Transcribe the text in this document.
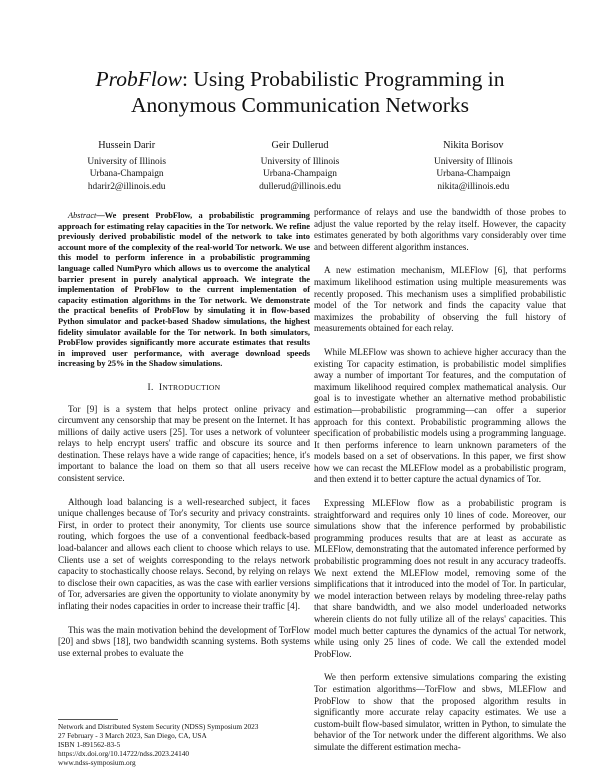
ProbFlow: Using Probabilistic Programming in
Anonymous Communication Networks
Hussein Darir
University of Illinois
Urbana-Champaign
hdarir2@illinois.edu
Geir Dullerud
University of Illinois
Urbana-Champaign
dullerud@illinois.edu
Nikita Borisov
University of Illinois
Urbana-Champaign
nikita@illinois.edu

Abstract—We present ProbFlow, a probabilistic programming approach for estimating relay capacities in the Tor network. We refine previously derived probabilistic model of the network to take into account more of the complexity of the real-world Tor network. We use this model to perform inference in a probabilistic programming language called NumPyro which allows us to overcome the analytical barrier present in purely analytical approach. We integrate the implementation of ProbFlow to the current implementation of capacity estimation algorithms in the Tor network. We demonstrate the practical benefits of ProbFlow by simulating it in flow-based Python simulator and packet-based Shadow simulations, the highest fidelity simulator available for the Tor network. In both simulators, ProbFlow provides significantly more accurate estimates that results in improved user performance, with average download speeds increasing by 25% in the Shadow simulations.

I. INTRODUCTION

Tor [9] is a system that helps protect online privacy and circumvent any censorship that may be present on the Internet. It has millions of daily active users [25]. Tor uses a network of volunteer relays to help encrypt users' traffic and obscure its source and destination. These relays have a wide range of capacities; hence, it's important to balance the load on them so that all users receive consistent service.

Although load balancing is a well-researched subject, it faces unique challenges because of Tor's security and privacy constraints. First, in order to protect their anonymity, Tor clients use source routing, which forgoes the use of a conventional feedback-based load-balancer and allows each client to choose which relays to use. Clients use a set of weights corresponding to the relays network capacity to stochastically choose relays. Second, by relying on relays to disclose their own capacities, as was the case with earlier versions of Tor, adversaries are given the opportunity to violate anonymity by inflating their nodes capacities in order to increase their traffic [4].

This was the main motivation behind the development of TorFlow [20] and sbws [18], two bandwidth scanning systems. Both systems use external probes to evaluate the

Network and Distributed System Security (NDSS) Symposium 2023
27 February - 3 March 2023, San Diego, CA, USA
ISBN 1-891562-83-5
https://dx.doi.org/10.14722/ndss.2023.24140
www.ndss-symposium.org

performance of relays and use the bandwidth of those probes to adjust the value reported by the relay itself. However, the capacity estimates generated by both algorithms vary considerably over time and between different algorithm instances.

A new estimation mechanism, MLEFlow [6], that performs maximum likelihood estimation using multiple measurements was recently proposed. This mechanism uses a simplified probabilistic model of the Tor network and finds the capacity value that maximizes the probability of observing the full history of measurements obtained for each relay.

While MLEFlow was shown to achieve higher accuracy than the existing Tor capacity estimation, is probabilistic model simplifies away a number of important Tor features, and the computation of maximum likelihood required complex mathematical analysis. Our goal is to investigate whether an alternative method probabilistic estimation—probabilistic programming—can offer a superior approach for this context. Probabilistic programming allows the specification of probabilistic models using a programming language. It then performs inference to learn unknown parameters of the models based on a set of observations. In this paper, we first show how we can recast the MLEFlow model as a probabilistic program, and then extend it to better capture the actual dynamics of Tor.

Expressing MLEFlow flow as a probabilistic program is straightforward and requires only 10 lines of code. Moreover, our simulations show that the inference performed by probabilistic programming produces results that are at least as accurate as MLEFlow, demonstrating that the automated inference performed by probabilistic programming does not result in any accuracy tradeoffs. We next extend the MLEFlow model, removing some of the simplifications that it introduced into the model of Tor. In particular, we model interaction between relays by modeling three-relay paths that share bandwidth, and we also model underloaded networks wherein clients do not fully utilize all of the relays' capacities. This model much better captures the dynamics of the actual Tor network, while using only 25 lines of code. We call the extended model ProbFlow.

We then perform extensive simulations comparing the existing Tor estimation algorithms—TorFlow and sbws, MLEFlow and ProbFlow to show that the proposed algorithm results in significantly more accurate relay capacity estimates. We use a custom-built flow-based simulator, written in Python, to simulate the behavior of the Tor network under the different algorithms. We also simulate the different estimation mecha-
